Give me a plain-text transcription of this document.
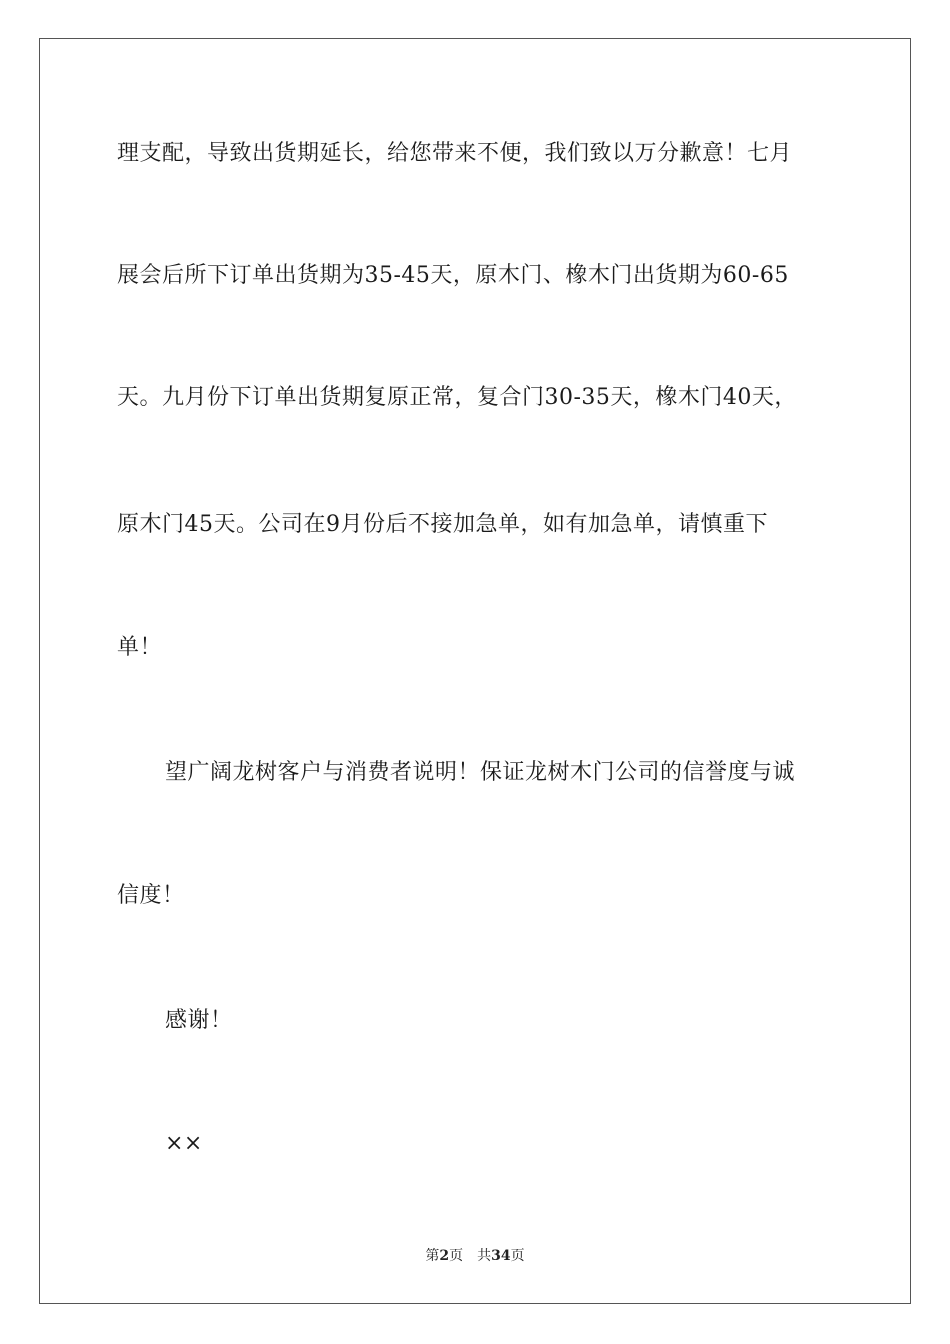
理支配，导致出货期延长，给您带来不便，我们致以万分歉意！七月
展会后所下订单出货期为35-45天，原木门、橡木门出货期为60-65
天。九月份下订单出货期复原正常，复合门30-35天，橡木门40天，
原木门45天。公司在9月份后不接加急单，如有加急单，请慎重下
单！
望广阔龙树客户与消费者说明！保证龙树木门公司的信誉度与诚
信度！
感谢！
××
第2页 共34页
